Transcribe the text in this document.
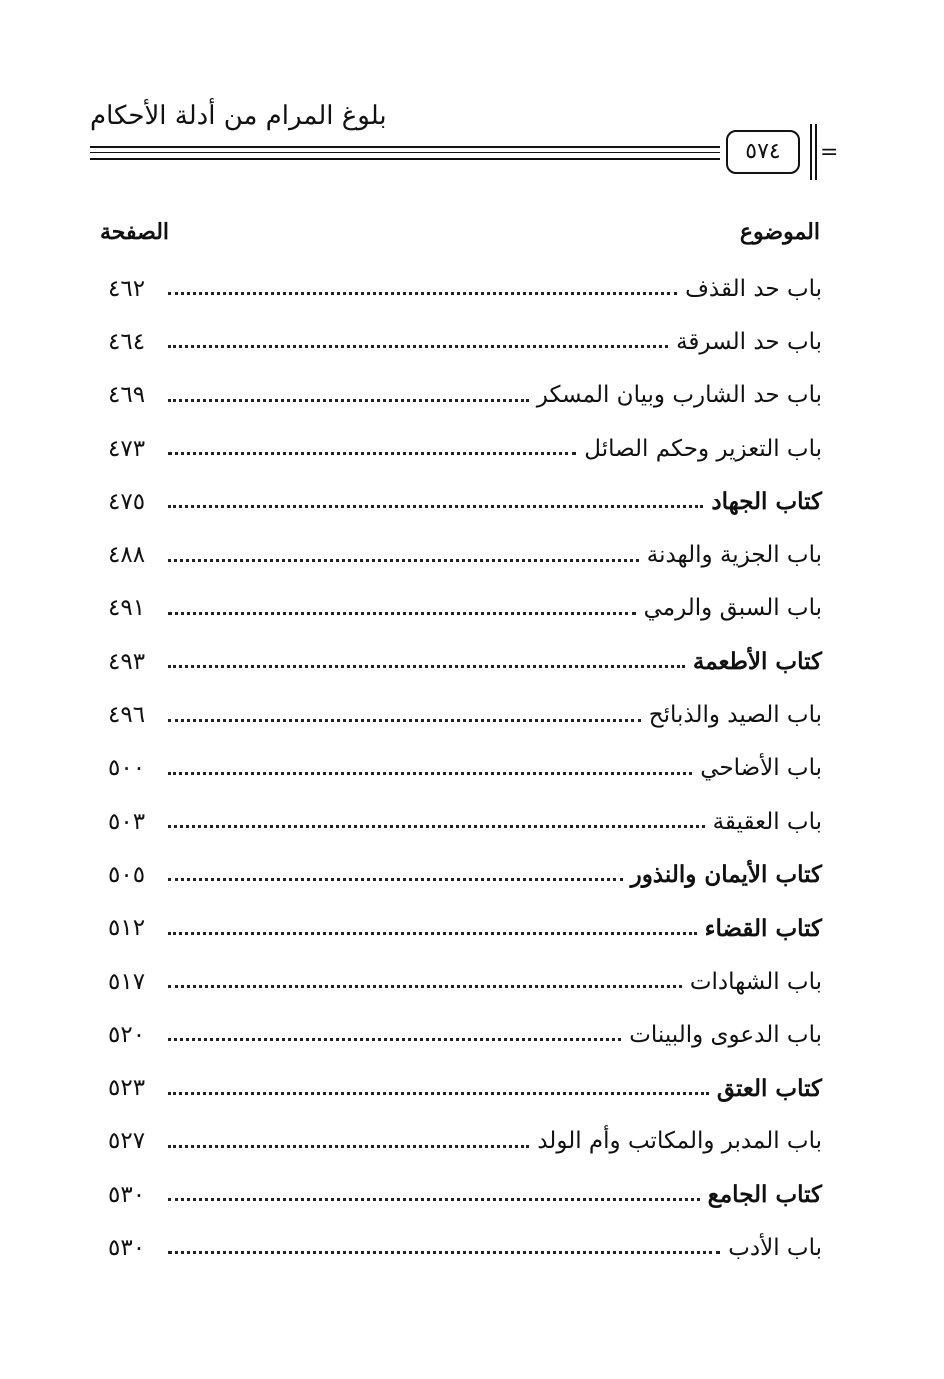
بلوغ المرام من أدلة الأحكام
٥٧٤	=
الموضوع
الصفحة
باب حد القذف
٤٦٢
باب حد السرقة
٤٦٤
باب حد الشارب وبيان المسكر
٤٦٩
باب التعزير وحكم الصائل
٤٧٣
كتاب الجهاد
٤٧٥
باب الجزية والهدنة
٤٨٨
باب السبق والرمي
٤٩١
كتاب الأطعمة
٤٩٣
باب الصيد والذبائح
٤٩٦
باب الأضاحي
٥٠٠
باب العقيقة
٥٠٣
كتاب الأيمان والنذور
٥٠٥
كتاب القضاء
٥١٢
باب الشهادات
٥١٧
باب الدعوى والبينات
٥٢٠
كتاب العتق
٥٢٣
باب المدبر والمكاتب وأم الولد
٥٢٧
كتاب الجامع
٥٣٠
باب الأدب
٥٣٠
